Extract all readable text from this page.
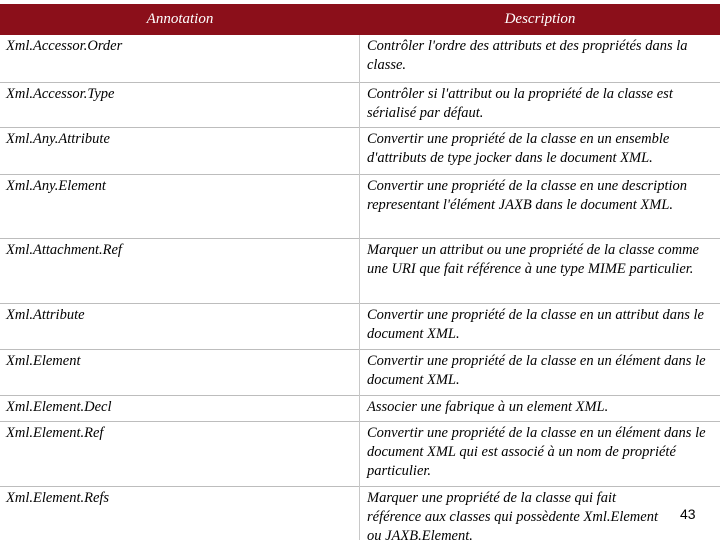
Annotation	Description
Xml.Accessor.Order	Contrôler l'ordre des attributs et des propriétés dans la classe.
Xml.Accessor.Type	Contrôler si l'attribut ou la propriété de la classe est sérialisé par défaut.
Xml.Any.Attribute	Convertir une propriété de la classe en un ensemble d'attributs de type jocker dans le document XML.
Xml.Any.Element	Convertir une propriété de la classe en une description representant l'élément JAXB dans le document XML.
Xml.Attachment.Ref	Marquer un attribut ou une propriété de la classe comme une URI que fait référence à une type MIME particulier.
Xml.Attribute	Convertir une propriété de la classe en un attribut dans le document XML.
Xml.Element	Convertir une propriété de la classe en un élément dans le document XML.
Xml.Element.Decl	Associer une fabrique à un element XML.
Xml.Element.Ref	Convertir une propriété de la classe en un élément dans le document XML qui est associé à un nom de propriété particulier.
Xml.Element.Refs	Marquer une propriété de la classe qui fait référence aux classes qui possèdente Xml.Element ou JAXB.Element.
43
